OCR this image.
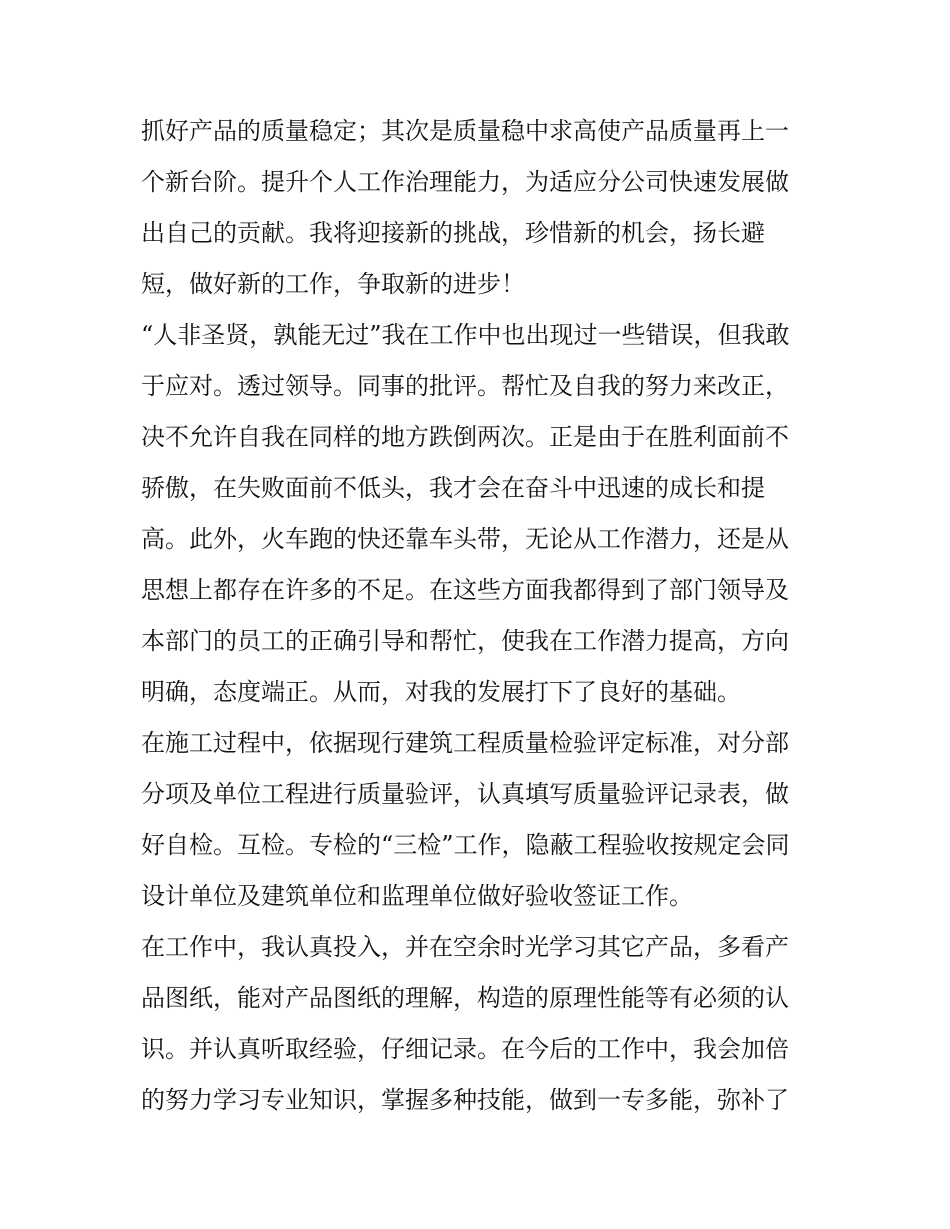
抓好产品的质量稳定；其次是质量稳中求高使产品质量再上一
个新台阶。提升个人工作治理能力，为适应分公司快速发展做
出自己的贡献。我将迎接新的挑战，珍惜新的机会，扬长避
短，做好新的工作，争取新的进步！
“人非圣贤，孰能无过”我在工作中也出现过一些错误，但我敢
于应对。透过领导。同事的批评。帮忙及自我的努力来改正，
决不允许自我在同样的地方跌倒两次。正是由于在胜利面前不
骄傲，在失败面前不低头，我才会在奋斗中迅速的成长和提
高。此外，火车跑的快还靠车头带，无论从工作潜力，还是从
思想上都存在许多的不足。在这些方面我都得到了部门领导及
本部门的员工的正确引导和帮忙，使我在工作潜力提高，方向
明确，态度端正。从而，对我的发展打下了良好的基础。
在施工过程中，依据现行建筑工程质量检验评定标准，对分部
分项及单位工程进行质量验评，认真填写质量验评记录表，做
好自检。互检。专检的“三检”工作，隐蔽工程验收按规定会同
设计单位及建筑单位和监理单位做好验收签证工作。
在工作中，我认真投入，并在空余时光学习其它产品，多看产
品图纸，能对产品图纸的理解，构造的原理性能等有必须的认
识。并认真听取经验，仔细记录。在今后的工作中，我会加倍
的努力学习专业知识，掌握多种技能，做到一专多能，弥补了
